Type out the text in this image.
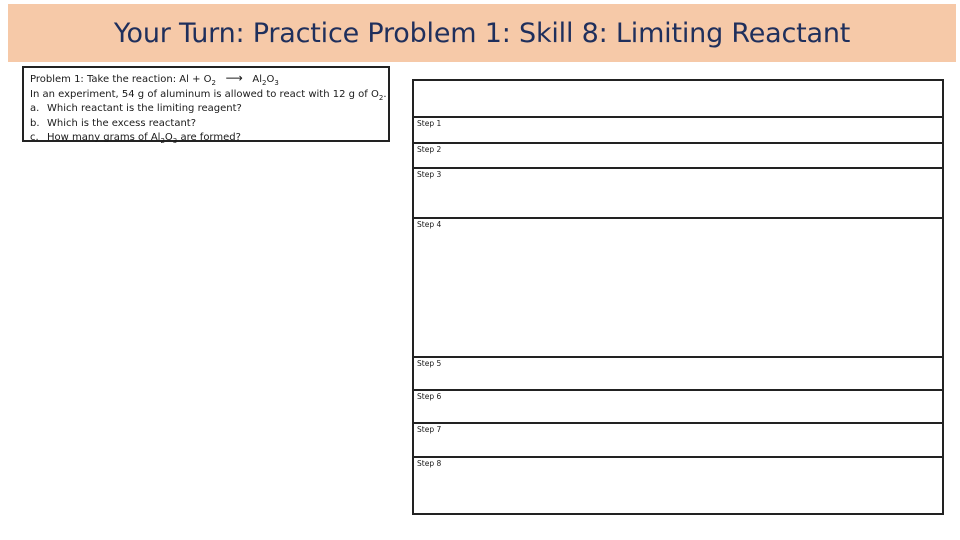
Your Turn: Practice Problem 1: Skill 8: Limiting Reactant
Problem 1: Take the reaction: $Al + O_2$ ⟶ $Al_2O_3$
In an experiment, 54 g of aluminum is allowed to react with 12 g of $O_2$.
a. Which reactant is the limiting reagent?
b. Which is the excess reactant?
c. How many grams of $Al_2O_3$ are formed?
Step 1
Step 2
Step 3
Step 4
Step 5
Step 6
Step 7
Step 8
